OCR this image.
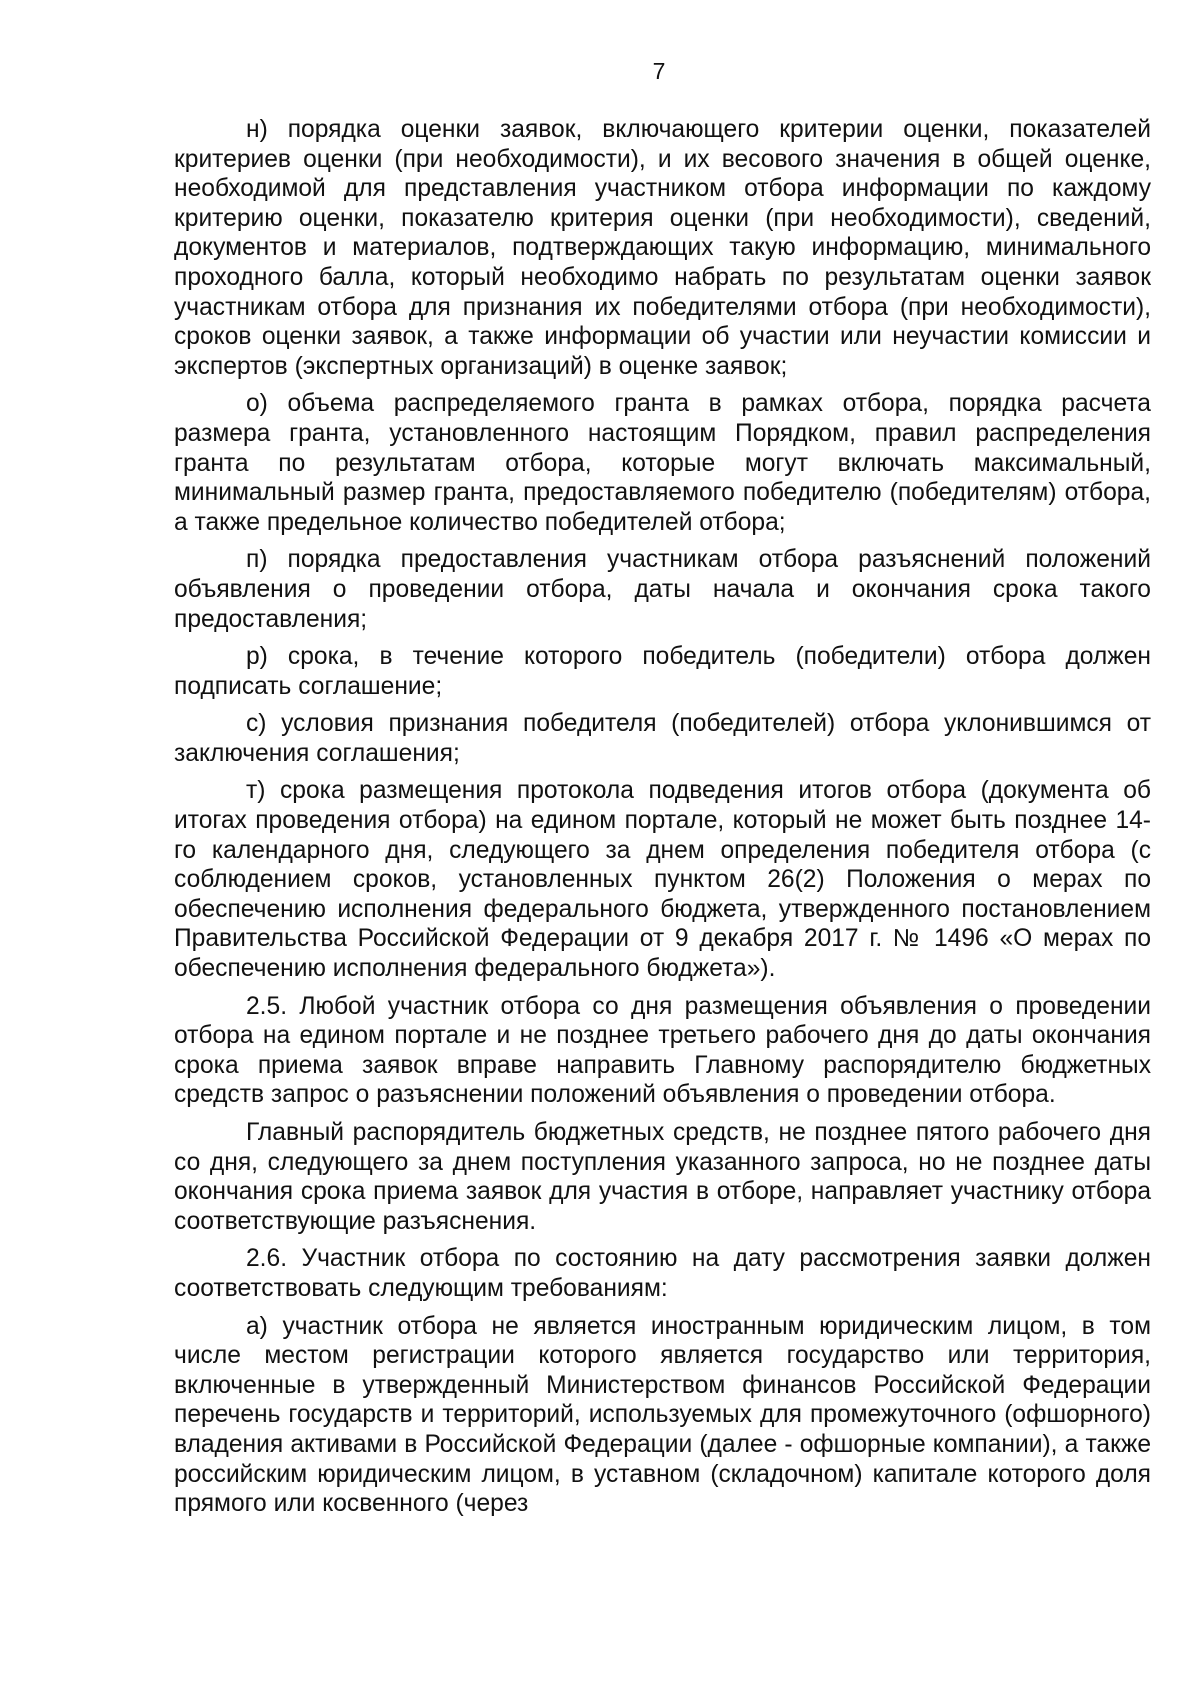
7

н) порядка оценки заявок, включающего критерии оценки, показателей критериев оценки (при необходимости), и их весового значения в общей оценке, необходимой для представления участником отбора информации по каждому критерию оценки, показателю критерия оценки (при необходимости), сведений, документов и материалов, подтверждающих такую информацию, минимального проходного балла, который необходимо набрать по результатам оценки заявок участникам отбора для признания их победителями отбора (при необходимости), сроков оценки заявок, а также информации об участии или неучастии комиссии и экспертов (экспертных организаций) в оценке заявок;

о) объема распределяемого гранта в рамках отбора, порядка расчета размера гранта, установленного настоящим Порядком, правил распределения гранта по результатам отбора, которые могут включать максимальный, минимальный размер гранта, предоставляемого победителю (победителям) отбора, а также предельное количество победителей отбора;

п) порядка предоставления участникам отбора разъяснений положений объявления о проведении отбора, даты начала и окончания срока такого предоставления;

р) срока, в течение которого победитель (победители) отбора должен подписать соглашение;

с) условия признания победителя (победителей) отбора уклонившимся от заключения соглашения;

т) срока размещения протокола подведения итогов отбора (документа об итогах проведения отбора) на едином портале, который не может быть позднее 14-го календарного дня, следующего за днем определения победителя отбора (с соблюдением сроков, установленных пунктом 26(2) Положения о мерах по обеспечению исполнения федерального бюджета, утвержденного постановлением Правительства Российской Федерации от 9 декабря 2017 г. № 1496 «О мерах по обеспечению исполнения федерального бюджета»).

2.5. Любой участник отбора со дня размещения объявления о проведении отбора на едином портале и не позднее третьего рабочего дня до даты окончания срока приема заявок вправе направить Главному распорядителю бюджетных средств запрос о разъяснении положений объявления о проведении отбора.

Главный распорядитель бюджетных средств, не позднее пятого рабочего дня со дня, следующего за днем поступления указанного запроса, но не позднее даты окончания срока приема заявок для участия в отборе, направляет участнику отбора соответствующие разъяснения.

2.6. Участник отбора по состоянию на дату рассмотрения заявки должен соответствовать следующим требованиям:

а) участник отбора не является иностранным юридическим лицом, в том числе местом регистрации которого является государство или территория, включенные в утвержденный Министерством финансов Российской Федерации перечень государств и территорий, используемых для промежуточного (офшорного) владения активами в Российской Федерации (далее - офшорные компании), а также российским юридическим лицом, в уставном (складочном) капитале которого доля прямого или косвенного (через
